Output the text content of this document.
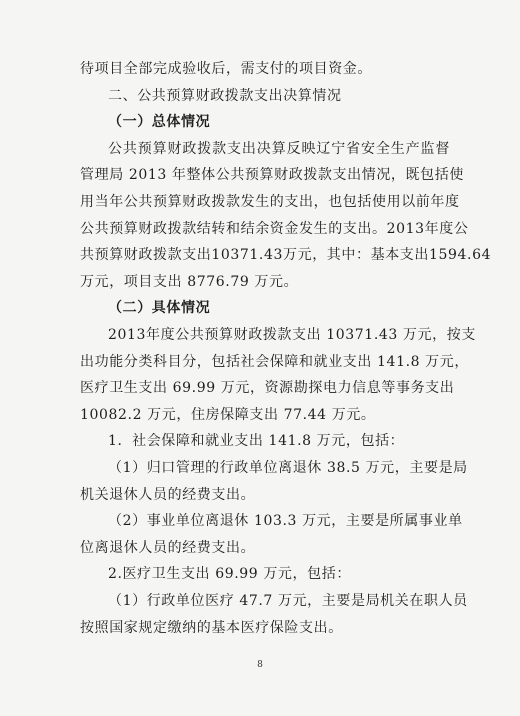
待项目全部完成验收后，需支付的项目资金。
二、公共预算财政拨款支出决算情况
（一）总体情况
公共预算财政拨款支出决算反映辽宁省安全生产监督
管理局 2013 年整体公共预算财政拨款支出情况，既包括使
用当年公共预算财政拨款发生的支出，也包括使用以前年度
公共预算财政拨款结转和结余资金发生的支出。2013年度公
共预算财政拨款支出10371.43万元，其中：基本支出1594.64
万元，项目支出 8776.79 万元。
（二）具体情况
2013年度公共预算财政拨款支出 10371.43 万元，按支
出功能分类科目分，包括社会保障和就业支出 141.8 万元，
医疗卫生支出 69.99 万元，资源勘探电力信息等事务支出
10082.2 万元，住房保障支出 77.44 万元。
1．社会保障和就业支出 141.8 万元，包括：
（1）归口管理的行政单位离退休 38.5 万元，主要是局
机关退休人员的经费支出。
（2）事业单位离退休 103.3 万元，主要是所属事业单
位离退休人员的经费支出。
2.医疗卫生支出 69.99 万元，包括：
（1）行政单位医疗 47.7 万元，主要是局机关在职人员
按照国家规定缴纳的基本医疗保险支出。
8
